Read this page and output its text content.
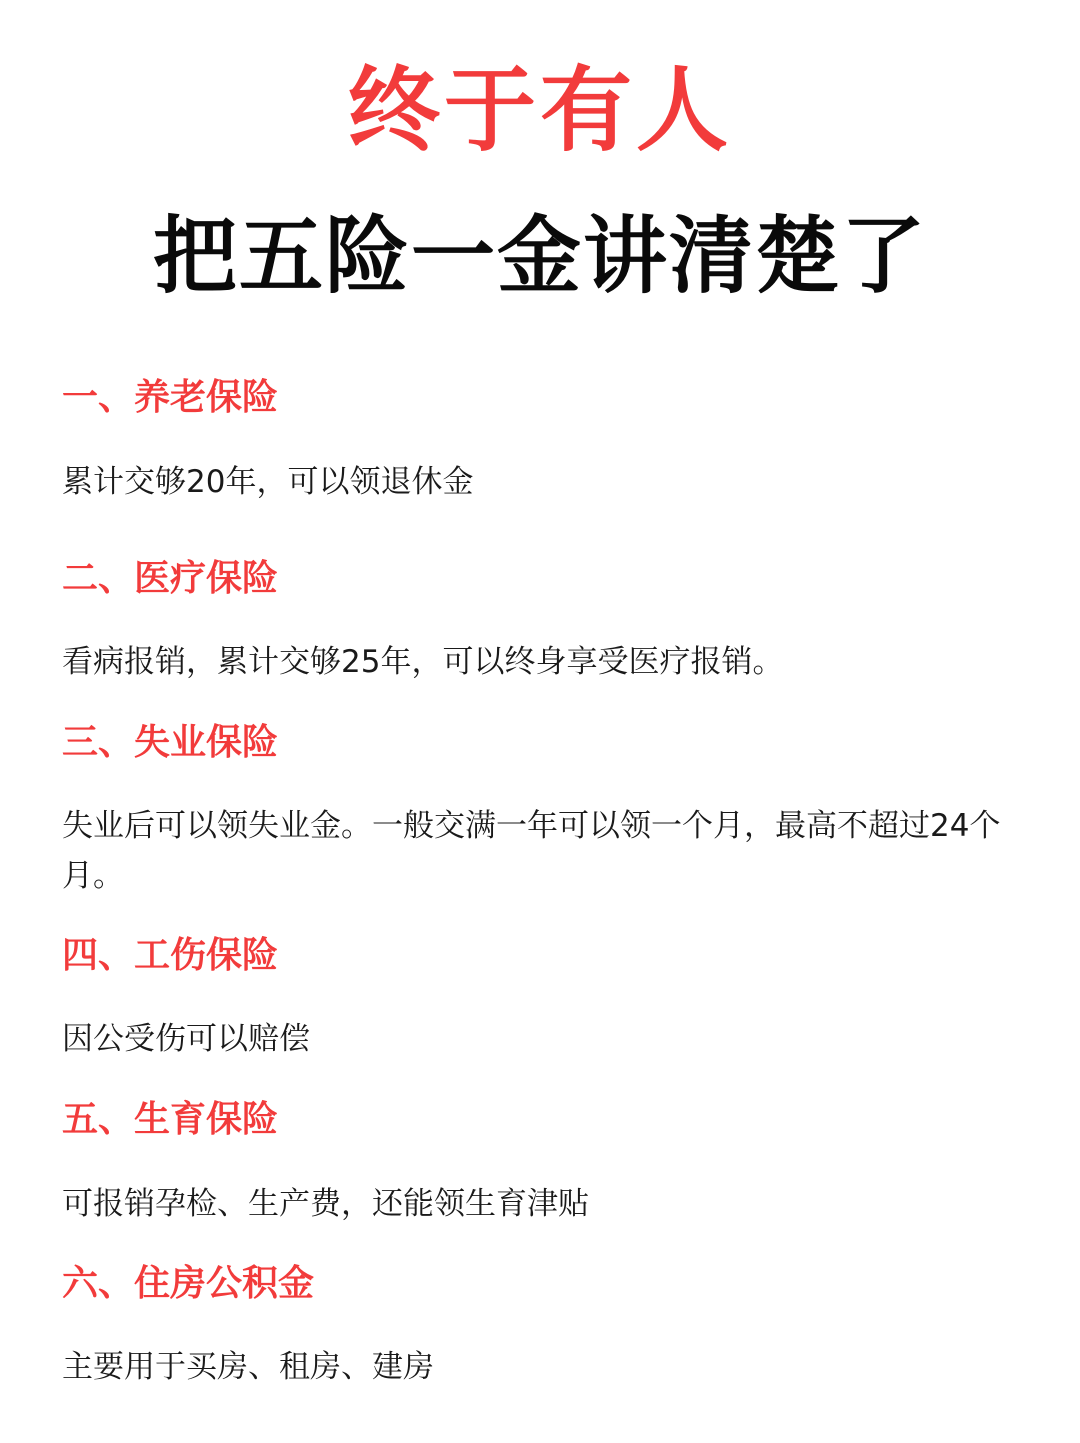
终于有人
把五险一金讲清楚了

一、养老保险

累计交够20年，可以领退休金

二、医疗保险

看病报销，累计交够25年，可以终身享受医疗报销。

三、失业保险

失业后可以领失业金。一般交满一年可以领一个月，最高不超过24个月。

四、工伤保险

因公受伤可以赔偿

五、生育保险

可报销孕检、生产费，还能领生育津贴

六、住房公积金

主要用于买房、租房、建房
